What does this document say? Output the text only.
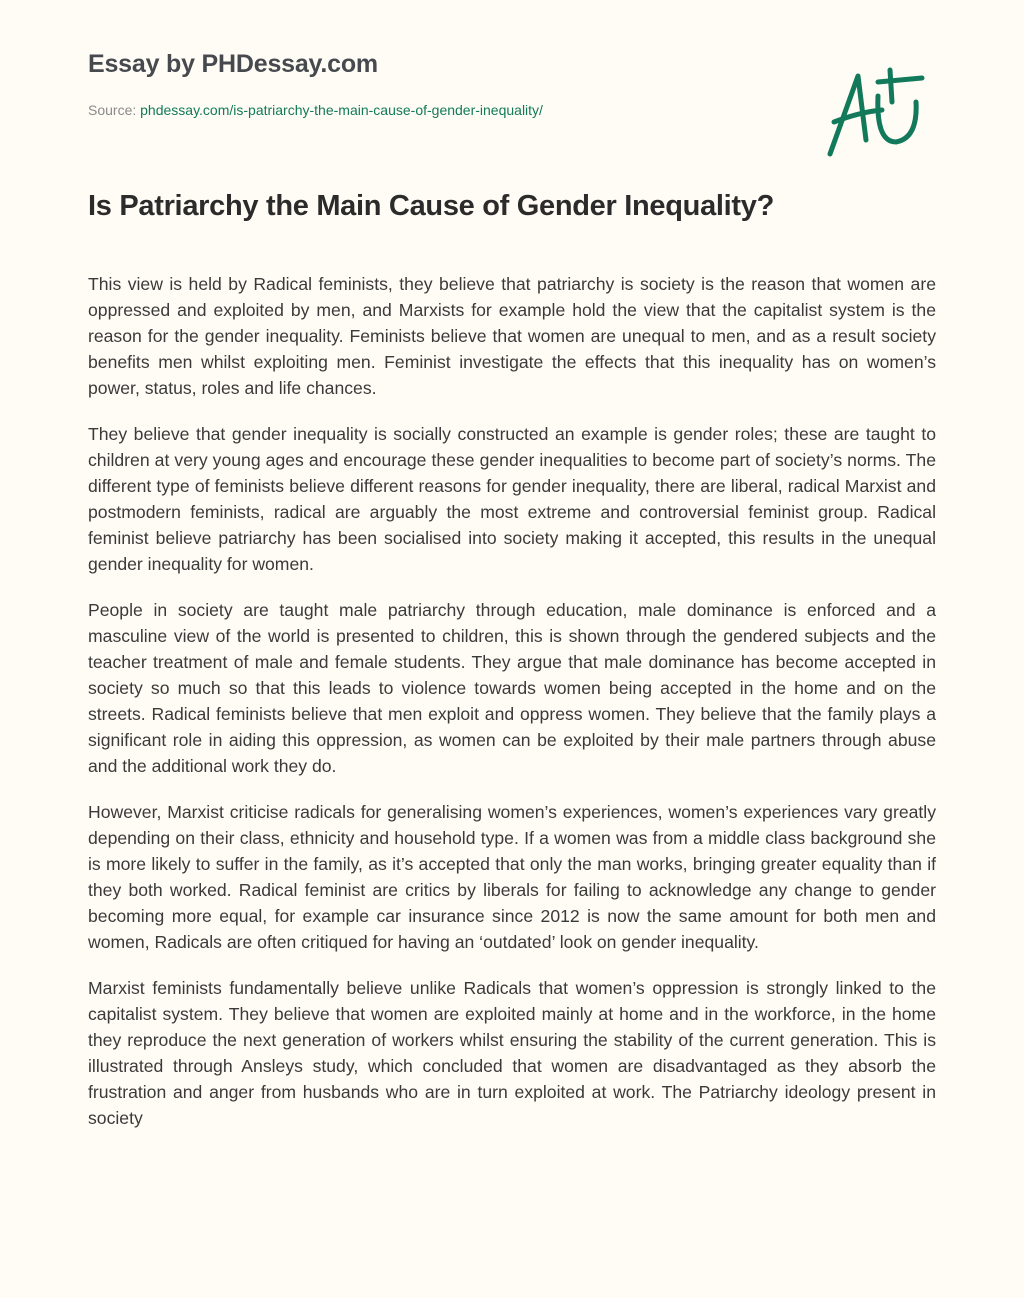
Essay by PHDessay.com
Source: phdessay.com/is-patriarchy-the-main-cause-of-gender-inequality/
Is Patriarchy the Main Cause of Gender Inequality?

This view is held by Radical feminists, they believe that patriarchy is society is the reason that women are oppressed and exploited by men, and Marxists for example hold the view that the capitalist system is the reason for the gender inequality. Feminists believe that women are unequal to men, and as a result society benefits men whilst exploiting men. Feminist investigate the effects that this inequality has on women’s power, status, roles and life chances.

They believe that gender inequality is socially constructed an example is gender roles; these are taught to children at very young ages and encourage these gender inequalities to become part of society’s norms. The different type of feminists believe different reasons for gender inequality, there are liberal, radical Marxist and postmodern feminists, radical are arguably the most extreme and controversial feminist group. Radical feminist believe patriarchy has been socialised into society making it accepted, this results in the unequal gender inequality for women.

People in society are taught male patriarchy through education, male dominance is enforced and a masculine view of the world is presented to children, this is shown through the gendered subjects and the teacher treatment of male and female students. They argue that male dominance has become accepted in society so much so that this leads to violence towards women being accepted in the home and on the streets. Radical feminists believe that men exploit and oppress women. They believe that the family plays a significant role in aiding this oppression, as women can be exploited by their male partners through abuse and the additional work they do.

However, Marxist criticise radicals for generalising women’s experiences, women’s experiences vary greatly depending on their class, ethnicity and household type. If a women was from a middle class background she is more likely to suffer in the family, as it’s accepted that only the man works, bringing greater equality than if they both worked. Radical feminist are critics by liberals for failing to acknowledge any change to gender becoming more equal, for example car insurance since 2012 is now the same amount for both men and women, Radicals are often critiqued for having an ‘outdated’ look on gender inequality.

Marxist feminists fundamentally believe unlike Radicals that women’s oppression is strongly linked to the capitalist system. They believe that women are exploited mainly at home and in the workforce, in the home they reproduce the next generation of workers whilst ensuring the stability of the current generation. This is illustrated through Ansleys study, which concluded that women are disadvantaged as they absorb the frustration and anger from husbands who are in turn exploited at work. The Patriarchy ideology present in society
